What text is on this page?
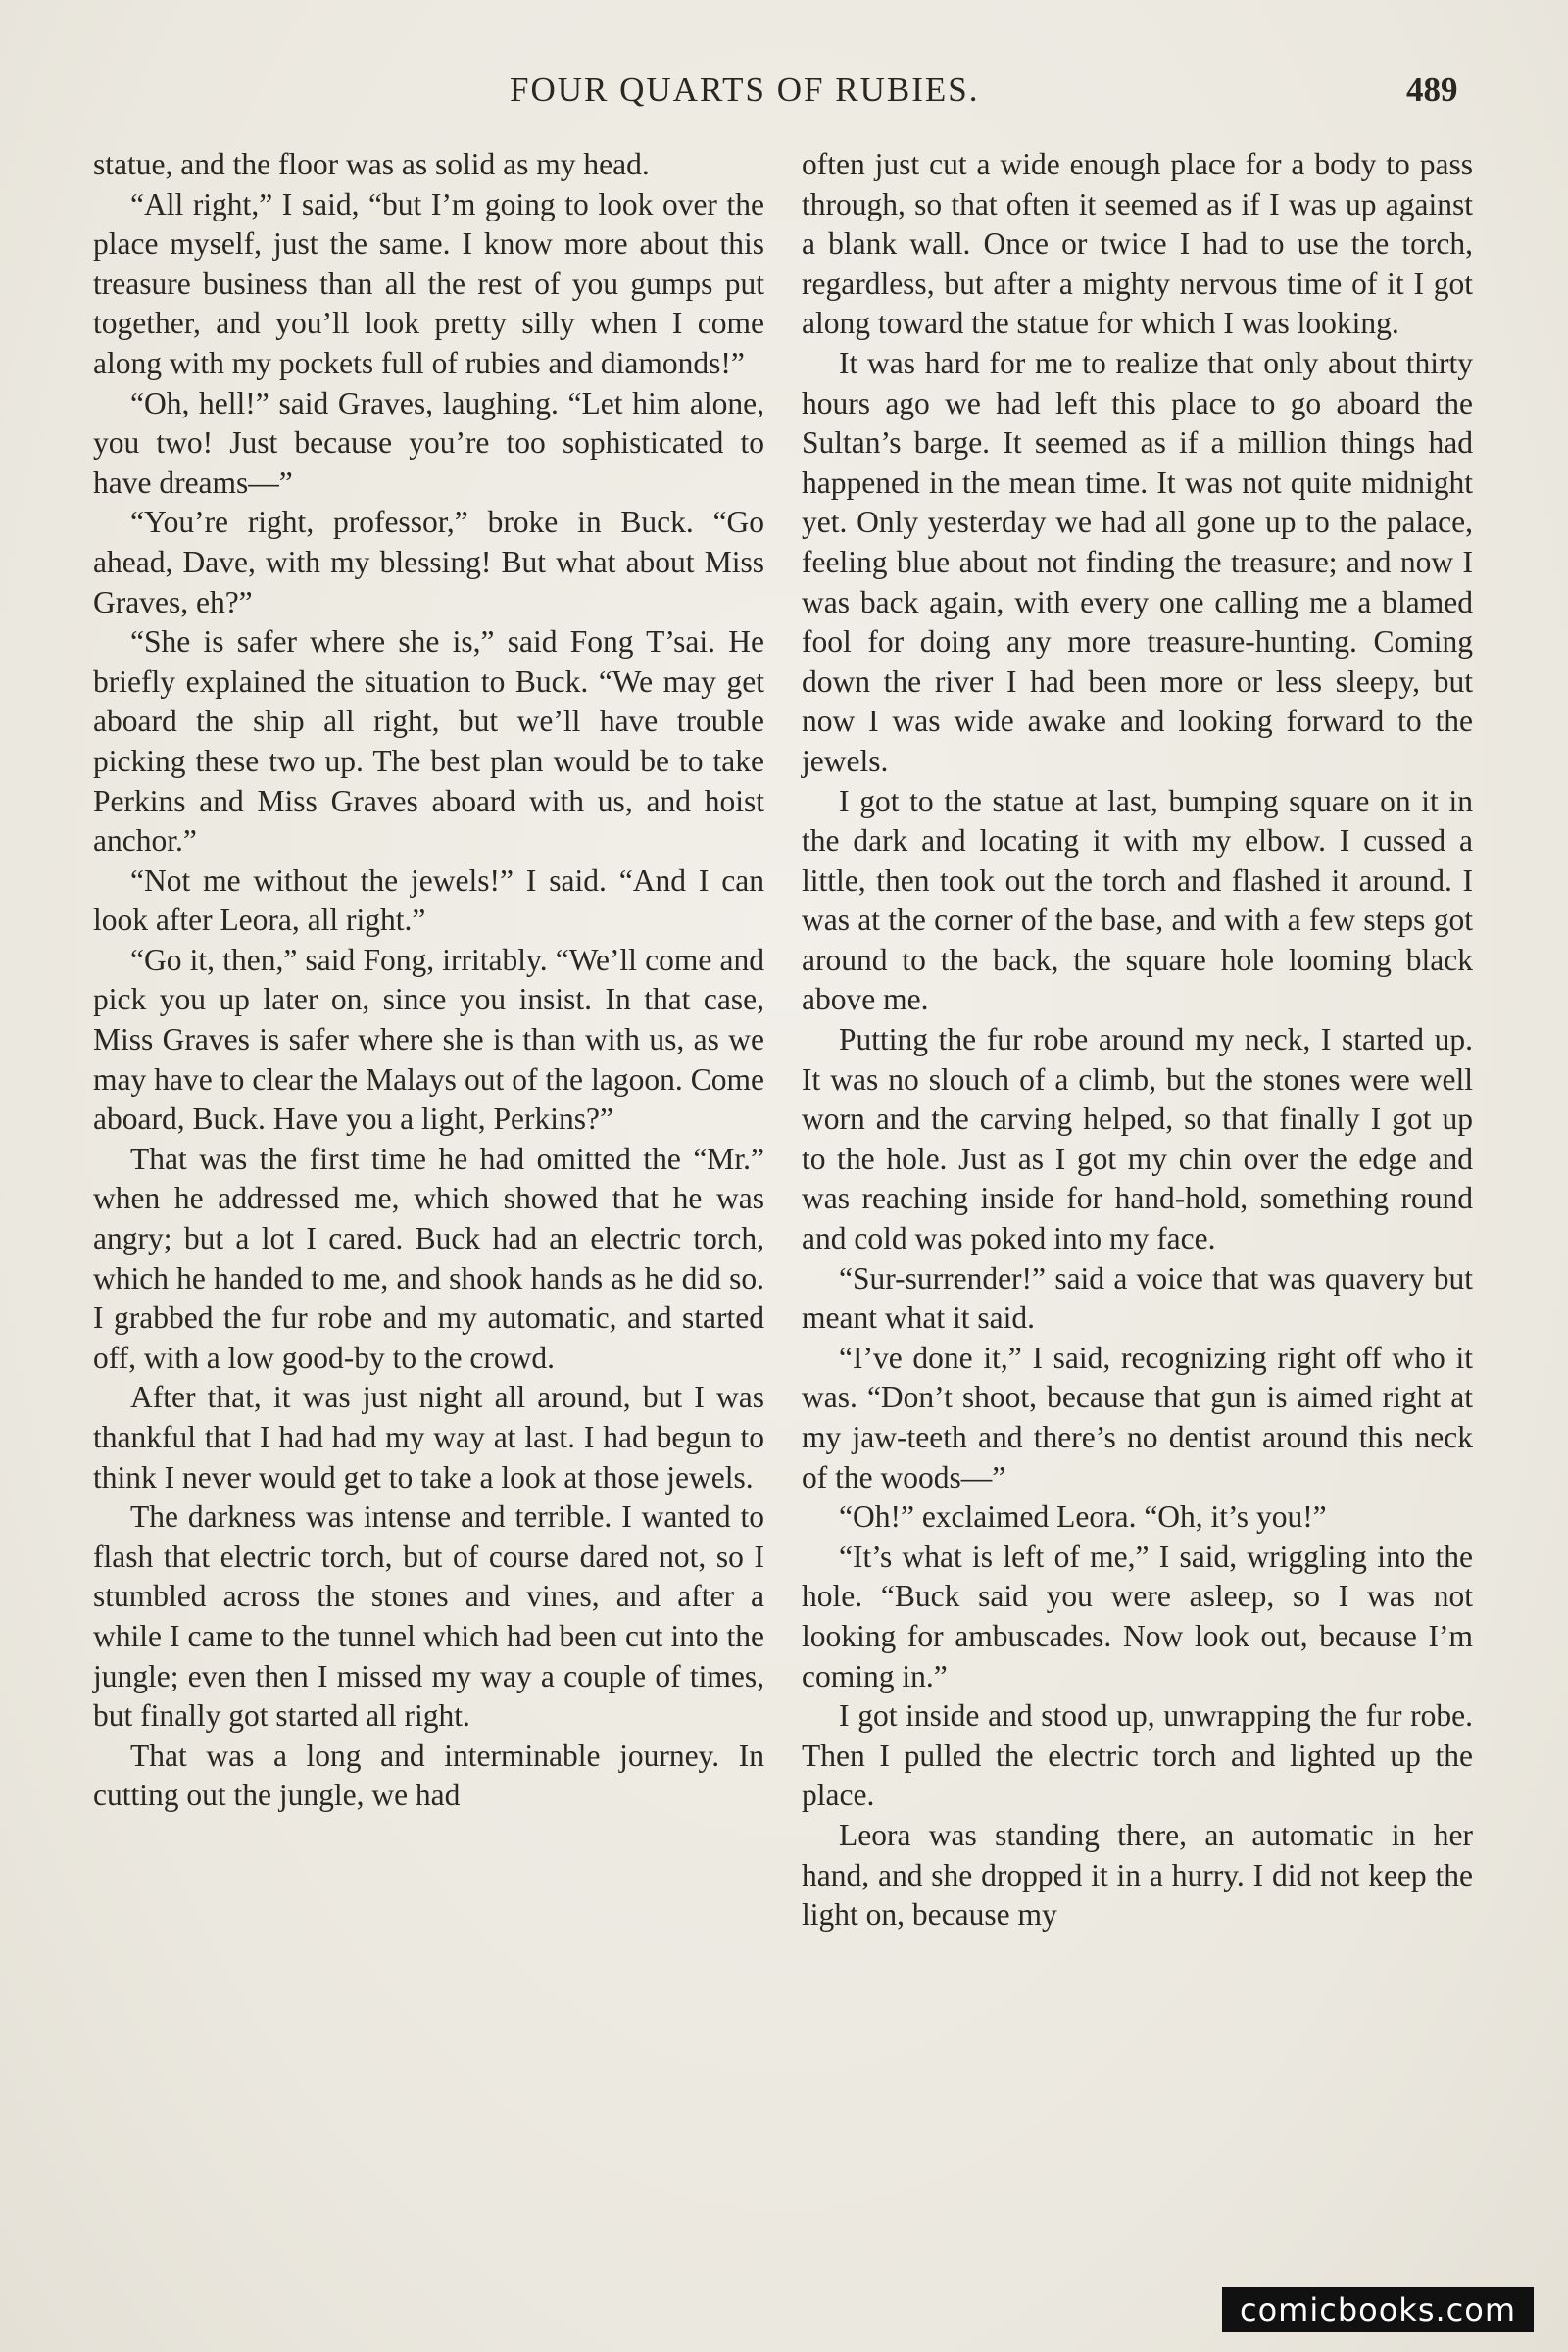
FOUR QUARTS OF RUBIES.	489

statue, and the floor was as solid as my head.

“All right,” I said, “but I’m going to look over the place myself, just the same. I know more about this treasure business than all the rest of you gumps put together, and you’ll look pretty silly when I come along with my pockets full of rubies and diamonds!”

“Oh, hell!” said Graves, laughing. “Let him alone, you two! Just because you’re too sophisticated to have dreams—”

“You’re right, professor,” broke in Buck. “Go ahead, Dave, with my blessing! But what about Miss Graves, eh?”

“She is safer where she is,” said Fong T’sai. He briefly explained the situation to Buck. “We may get aboard the ship all right, but we’ll have trouble picking these two up. The best plan would be to take Perkins and Miss Graves aboard with us, and hoist anchor.”

“Not me without the jewels!” I said. “And I can look after Leora, all right.”

“Go it, then,” said Fong, irritably. “We’ll come and pick you up later on, since you insist. In that case, Miss Graves is safer where she is than with us, as we may have to clear the Malays out of the lagoon. Come aboard, Buck. Have you a light, Perkins?”

That was the first time he had omitted the “Mr.” when he addressed me, which showed that he was angry; but a lot I cared. Buck had an electric torch, which he handed to me, and shook hands as he did so. I grabbed the fur robe and my automatic, and started off, with a low good-by to the crowd.

After that, it was just night all around, but I was thankful that I had had my way at last. I had begun to think I never would get to take a look at those jewels.

The darkness was intense and terrible. I wanted to flash that electric torch, but of course dared not, so I stumbled across the stones and vines, and after a while I came to the tunnel which had been cut into the jungle; even then I missed my way a couple of times, but finally got started all right.

That was a long and interminable journey. In cutting out the jungle, we had

often just cut a wide enough place for a body to pass through, so that often it seemed as if I was up against a blank wall. Once or twice I had to use the torch, regardless, but after a mighty nervous time of it I got along toward the statue for which I was looking.

It was hard for me to realize that only about thirty hours ago we had left this place to go aboard the Sultan’s barge. It seemed as if a million things had happened in the mean time. It was not quite midnight yet. Only yesterday we had all gone up to the palace, feeling blue about not finding the treasure; and now I was back again, with every one calling me a blamed fool for doing any more treasure-hunting. Coming down the river I had been more or less sleepy, but now I was wide awake and looking forward to the jewels.

I got to the statue at last, bumping square on it in the dark and locating it with my elbow. I cussed a little, then took out the torch and flashed it around. I was at the corner of the base, and with a few steps got around to the back, the square hole looming black above me.

Putting the fur robe around my neck, I started up. It was no slouch of a climb, but the stones were well worn and the carving helped, so that finally I got up to the hole. Just as I got my chin over the edge and was reaching inside for hand-hold, something round and cold was poked into my face.

“Sur-surrender!” said a voice that was quavery but meant what it said.

“I’ve done it,” I said, recognizing right off who it was. “Don’t shoot, because that gun is aimed right at my jaw-teeth and there’s no dentist around this neck of the woods—”

“Oh!” exclaimed Leora. “Oh, it’s you!”

“It’s what is left of me,” I said, wriggling into the hole. “Buck said you were asleep, so I was not looking for ambuscades. Now look out, because I’m coming in.”

I got inside and stood up, unwrapping the fur robe. Then I pulled the electric torch and lighted up the place.

Leora was standing there, an automatic in her hand, and she dropped it in a hurry. I did not keep the light on, because my

comicbooks.com
